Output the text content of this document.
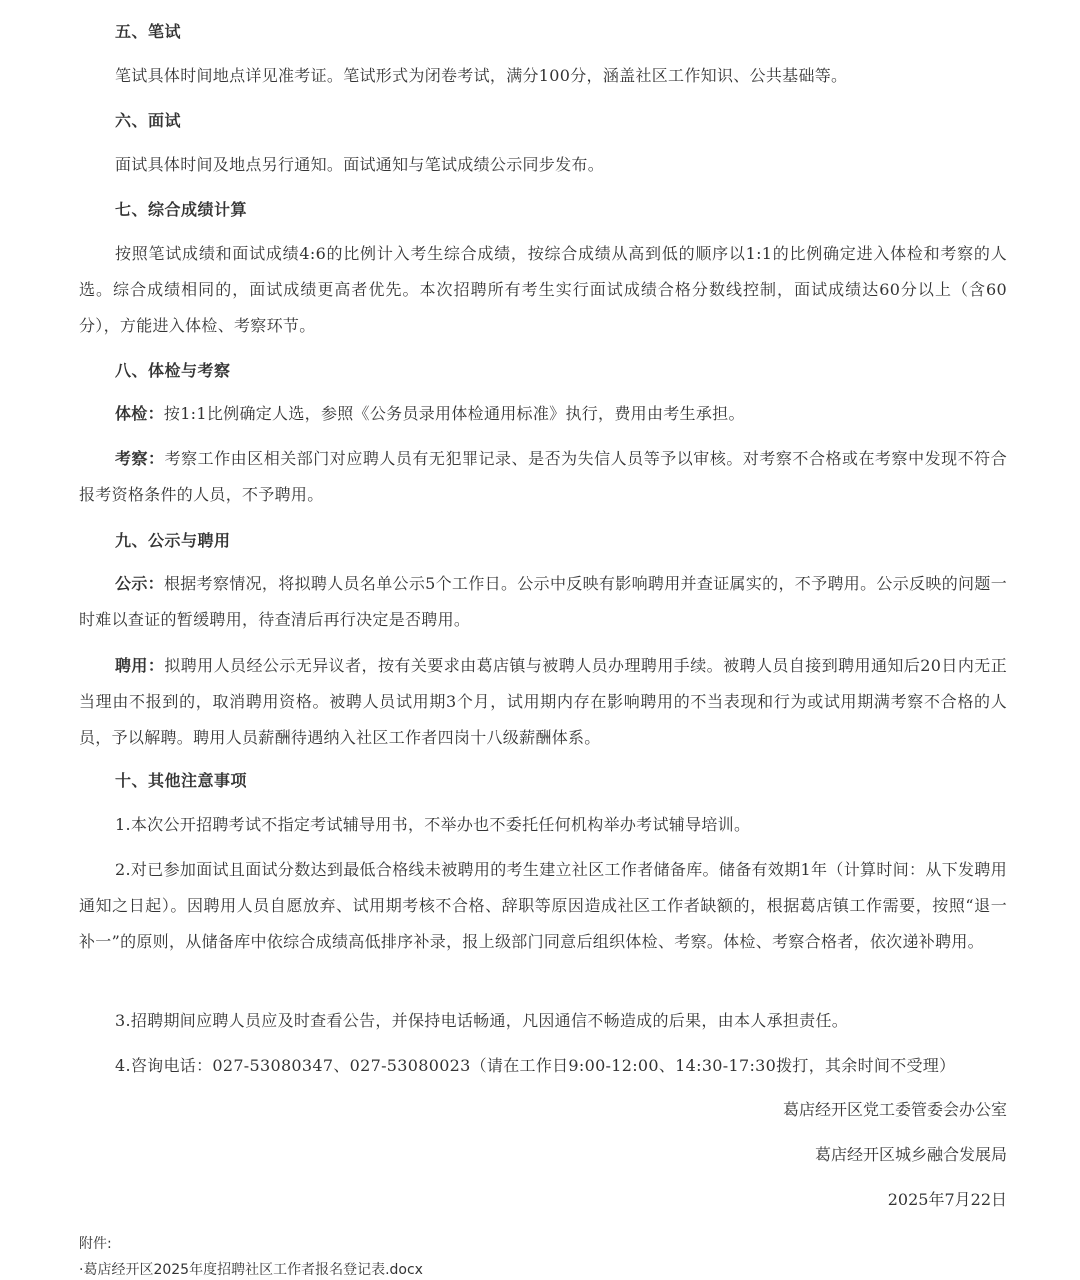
五、笔试
笔试具体时间地点详见准考证。笔试形式为闭卷考试，满分100分，涵盖社区工作知识、公共基础等。
六、面试
面试具体时间及地点另行通知。面试通知与笔试成绩公示同步发布。
七、综合成绩计算
按照笔试成绩和面试成绩4:6的比例计入考生综合成绩，按综合成绩从高到低的顺序以1:1的比例确定进入体检和考察的人选。综合成绩相同的，面试成绩更高者优先。本次招聘所有考生实行面试成绩合格分数线控制，面试成绩达60分以上（含60分），方能进入体检、考察环节。
八、体检与考察
体检：按1:1比例确定人选，参照《公务员录用体检通用标准》执行，费用由考生承担。
考察：考察工作由区相关部门对应聘人员有无犯罪记录、是否为失信人员等予以审核。对考察不合格或在考察中发现不符合报考资格条件的人员，不予聘用。
九、公示与聘用
公示：根据考察情况，将拟聘人员名单公示5个工作日。公示中反映有影响聘用并查证属实的，不予聘用。公示反映的问题一时难以查证的暂缓聘用，待查清后再行决定是否聘用。
聘用：拟聘用人员经公示无异议者，按有关要求由葛店镇与被聘人员办理聘用手续。被聘人员自接到聘用通知后20日内无正当理由不报到的，取消聘用资格。被聘人员试用期3个月，试用期内存在影响聘用的不当表现和行为或试用期满考察不合格的人员，予以解聘。聘用人员薪酬待遇纳入社区工作者四岗十八级薪酬体系。
十、其他注意事项
1.本次公开招聘考试不指定考试辅导用书，不举办也不委托任何机构举办考试辅导培训。
2.对已参加面试且面试分数达到最低合格线未被聘用的考生建立社区工作者储备库。储备有效期1年（计算时间：从下发聘用通知之日起）。因聘用人员自愿放弃、试用期考核不合格、辞职等原因造成社区工作者缺额的，根据葛店镇工作需要，按照“退一补一”的原则，从储备库中依综合成绩高低排序补录，报上级部门同意后组织体检、考察。体检、考察合格者，依次递补聘用。
3.招聘期间应聘人员应及时查看公告，并保持电话畅通，凡因通信不畅造成的后果，由本人承担责任。
4.咨询电话：027-53080347、027-53080023（请在工作日9:00-12:00、14:30-17:30拨打，其余时间不受理）
葛店经开区党工委管委会办公室
葛店经开区城乡融合发展局
2025年7月22日
附件:
·葛店经开区2025年度招聘社区工作者报名登记表.docx
